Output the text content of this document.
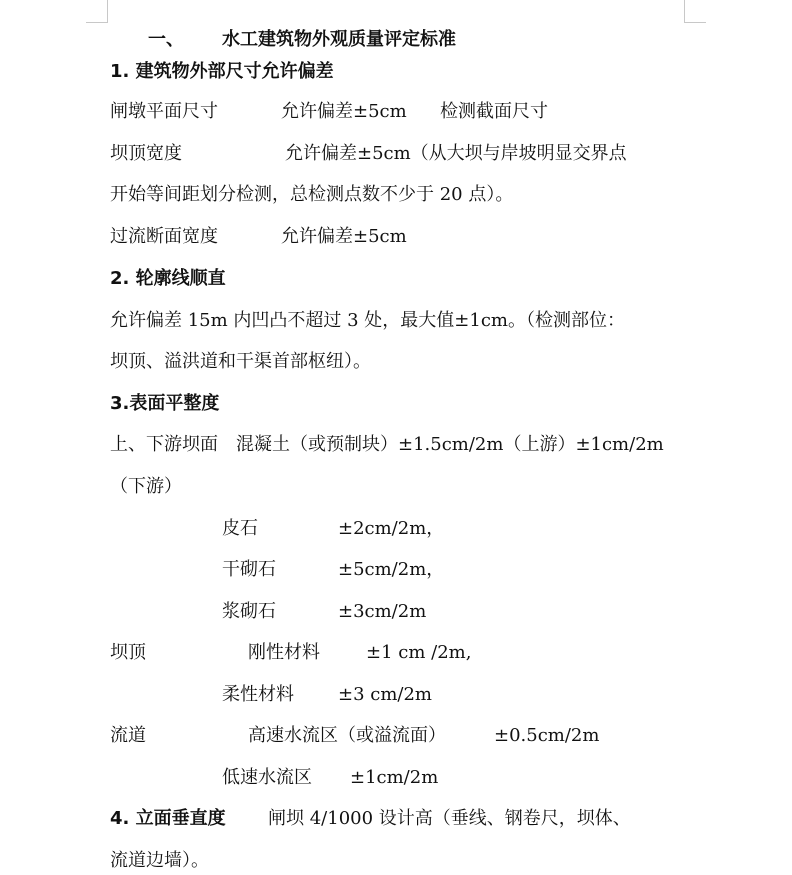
一、 水工建筑物外观质量评定标准
1. 建筑物外部尺寸允许偏差
闸墩平面尺寸	允许偏差±5cm 检测截面尺寸
坝顶宽度	允许偏差±5cm（从大坝与岸坡明显交界点
开始等间距划分检测，总检测点数不少于 20 点）。
过流断面宽度	允许偏差±5cm
2. 轮廓线顺直
允许偏差 15m 内凹凸不超过 3 处，最大值±1cm。（检测部位：
坝顶、溢洪道和干渠首部枢纽）。
3.表面平整度
上、下游坝面　混凝土（或预制块）±1.5cm/2m（上游）±1cm/2m
（下游）
皮石	±2cm/2m，
干砌石	±5cm/2m，
浆砌石	±3cm/2m
坝顶	刚性材料	±1 cm /2m,
柔性材料 ±3 cm/2m
流道	高速水流区（或溢流面）	±0.5cm/2m
低速水流区 ±1cm/2m
4. 立面垂直度 闸坝 4/1000 设计高（垂线、钢卷尺，坝体、
流道边墙）。
